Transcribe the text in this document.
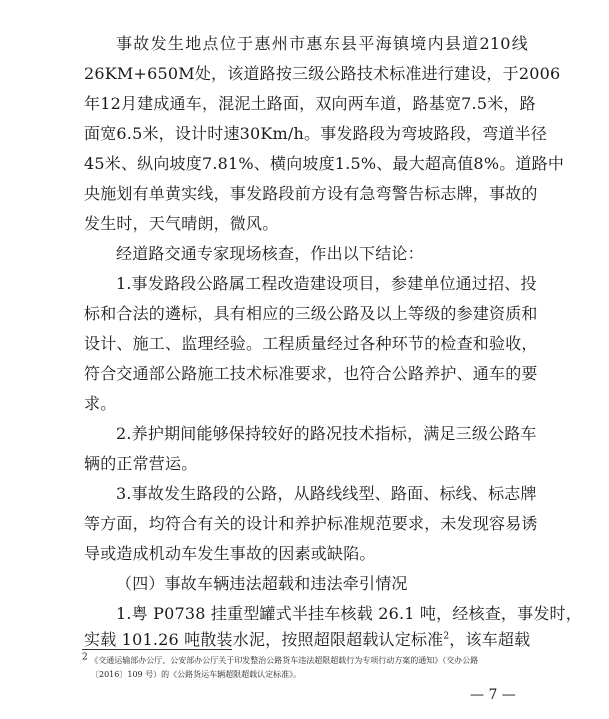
事故发生地点位于惠州市惠东县平海镇境内县道210线
26KM+650M处，该道路按三级公路技术标准进行建设，于2006
年12月建成通车，混泥土路面，双向两车道，路基宽7.5米，路
面宽6.5米，设计时速30Km/h。事发路段为弯坡路段，弯道半径
45米、纵向坡度7.81%、横向坡度1.5%、最大超高值8%。道路中
央施划有单黄实线，事发路段前方设有急弯警告标志牌，事故的
发生时，天气晴朗，微风。
经道路交通专家现场核查，作出以下结论：
1.事发路段公路属工程改造建设项目，参建单位通过招、投
标和合法的遴标，具有相应的三级公路及以上等级的参建资质和
设计、施工、监理经验。工程质量经过各种环节的检查和验收，
符合交通部公路施工技术标准要求，也符合公路养护、通车的要
求。
2.养护期间能够保持较好的路况技术指标，满足三级公路车
辆的正常营运。
3.事故发生路段的公路，从路线线型、路面、标线、标志牌
等方面，均符合有关的设计和养护标准规范要求，未发现容易诱
导或造成机动车发生事故的因素或缺陷。
（四）事故车辆违法超载和违法牵引情况
1.粤 P0738 挂重型罐式半挂车核载 26.1 吨，经核查，事发时，
实载 101.26 吨散装水泥，按照超限超载认定标准$^2$，该车超载
$^2$ 《交通运输部办公厅、公安部办公厅关于印发整治公路货车违法超限超载行为专项行动方案的通知》（交办公路
〔2016〕109 号）的《公路货运车辆超限超载认定标准》。
— 7 —
